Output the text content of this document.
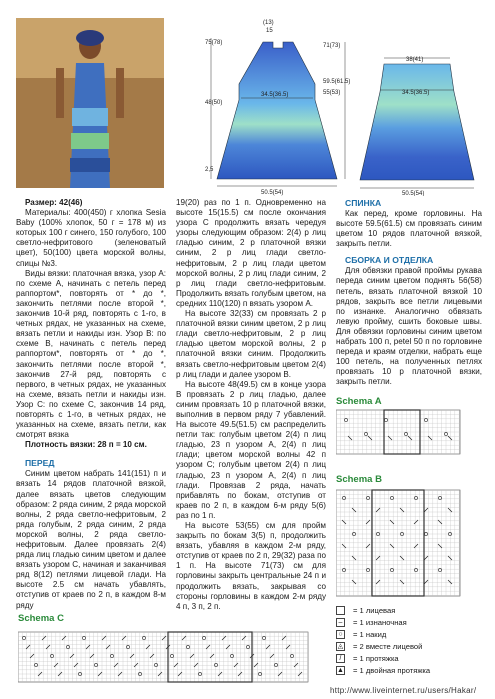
(13)
15
75(78)	71(73)
59.5(61.5)
55(53)
48(50)
34.5(36.5)
2,5
50.5(54)
38(41)
34.5(36.5)
50.5(54)

Размер: 42(46)

Материалы: 400(450) г хлопка Sesia Baby (100% хлопок, 50 г = 178 м) из которых 100 г синего, 150 голубого, 100 светло-нефритового (зеленоватый цвет), 50(100) цвета морской волны, спицы №3.

Виды вязки: платочная вязка, узор А: по схеме А, начинать с петель перед раппортом*, повторять от * до *, закончить петлями после второй *, закончив 10-й ряд, повторять с 1-го, в четных рядах, не указанных на схеме, вязать петли и накиды изн. Узор В: по схеме В, начинать с петель перед раппортом*, повторять от * до *, закончить петлями после второй *, закончив 27-й ряд, повторять с первого, в четных рядах, не указанных на схеме, вязать петли и накиды изн. Узор С: по схеме С, закончив 14 ряд, повторять с 1-го, в четных рядах, не указанных на схеме, вязать петли, как смотрят вязка

Плотность вязки: 28 п = 10 см.

ПЕРЕД

Синим цветом набрать 141(151) п и вязать 14 рядов платочной вязкой, далее вязать цветов следующим образом: 2 ряда синим, 2 ряда морской волны, 2 ряда светло-нефритовым, 2 ряда голубым, 2 ряда синим, 2 ряда морской волны, 2 ряда светло-нефритовым. Далее провязать 2(4) ряда лиц гладью синим цветом и далее вязать узором С, начиная и заканчивая ряд 8(12) петлями лицевой глади. На высоте 2.5 см начать убавлять, отступив от краев по 2 п, в каждом 8-м ряду

19(20) раз по 1 п. Одновременно на высоте 15(15.5) см после окончания узора С продолжить вязать чередуя узоры следующим образом: 2(4) р лиц гладью синим, 2 р платочной вязки синим, 2 р лиц глади светло-нефритовым, 2 р лиц глади цветом морской волны, 2 р лиц глади синим, 2 р лиц глади светло-нефритовым. Продолжить вязать голубым цветом, на средних 110(120) п вязать узором А.

На высоте 32(33) см провязать 2 р платочной вязки синим цветом, 2 р лиц глади светло-нефритовым, 2 р лиц гладью цветом морской волны, 2 р платочной вязки синим. Продолжить вязать светло-нефритовым цветом 2(4) р лиц глади и далее узором В.

На высоте 48(49.5) см в конце узора В провязать 2 р лиц гладью, далее синим провязать 10 р платочной вязки, выполнив в первом ряду 7 убавлений. На высоте 49.5(51.5) см распределить петли так: голубым цветом 2(4) п лиц гладью, 23 п узором А, 2(4) п лиц глади; цветом морской волны 42 п узором С; голубым цветом 2(4) п лиц гладью, 23 п узором А, 2(4) п лиц глади. Провязав 2 ряда, начать прибавлять по бокам, отступив от краев по 2 п, в каждом 6-м ряду 5(6) раз по 1 п.

На высоте 53(55) см для пройм закрыть по бокам 3(5) п, продолжить вязать, убавляя в каждом 2-м ряду, отступив от краев по 2 п, 29(32) раза по 1 п. На высоте 71(73) см для горловины закрыть центральные 24 п и продолжить вязать, закрывая со стороны горловины в каждом 2-м ряду 4 п, 3 п, 2 п.

СПИНКА

Как перед, кроме горловины. На высоте 59.5(61.5) см провязать синим цветом 10 рядов платочной вязкой, закрыть петли.

СБОРКА И ОТДЕЛКА

Для обвязки правой проймы рукава переда синим цветом поднять 56(58) петель, вязать платочной вязкой 10 рядов, закрыть все петли лицевыми по изнанке. Аналогично обвязать левую пройму, сшить боковые швы. Для обвязки горловины синим цветом набрать 100 п, petel 50 п по горловине переда и краям отделки, набрать еще 100 петель, на полученных петлях провязать 10 р платочной вязки, закрыть петли.

Schema A
Schema B
= 1 лицевая
–	= 1 изнаночная
○	= 1 накид
◬ = 2 вместе лицевой
/	= 1 протяжка
▲ = 1 двойная протяжка
Schema C
http://www.liveinternet.ru/users/Hakar/
